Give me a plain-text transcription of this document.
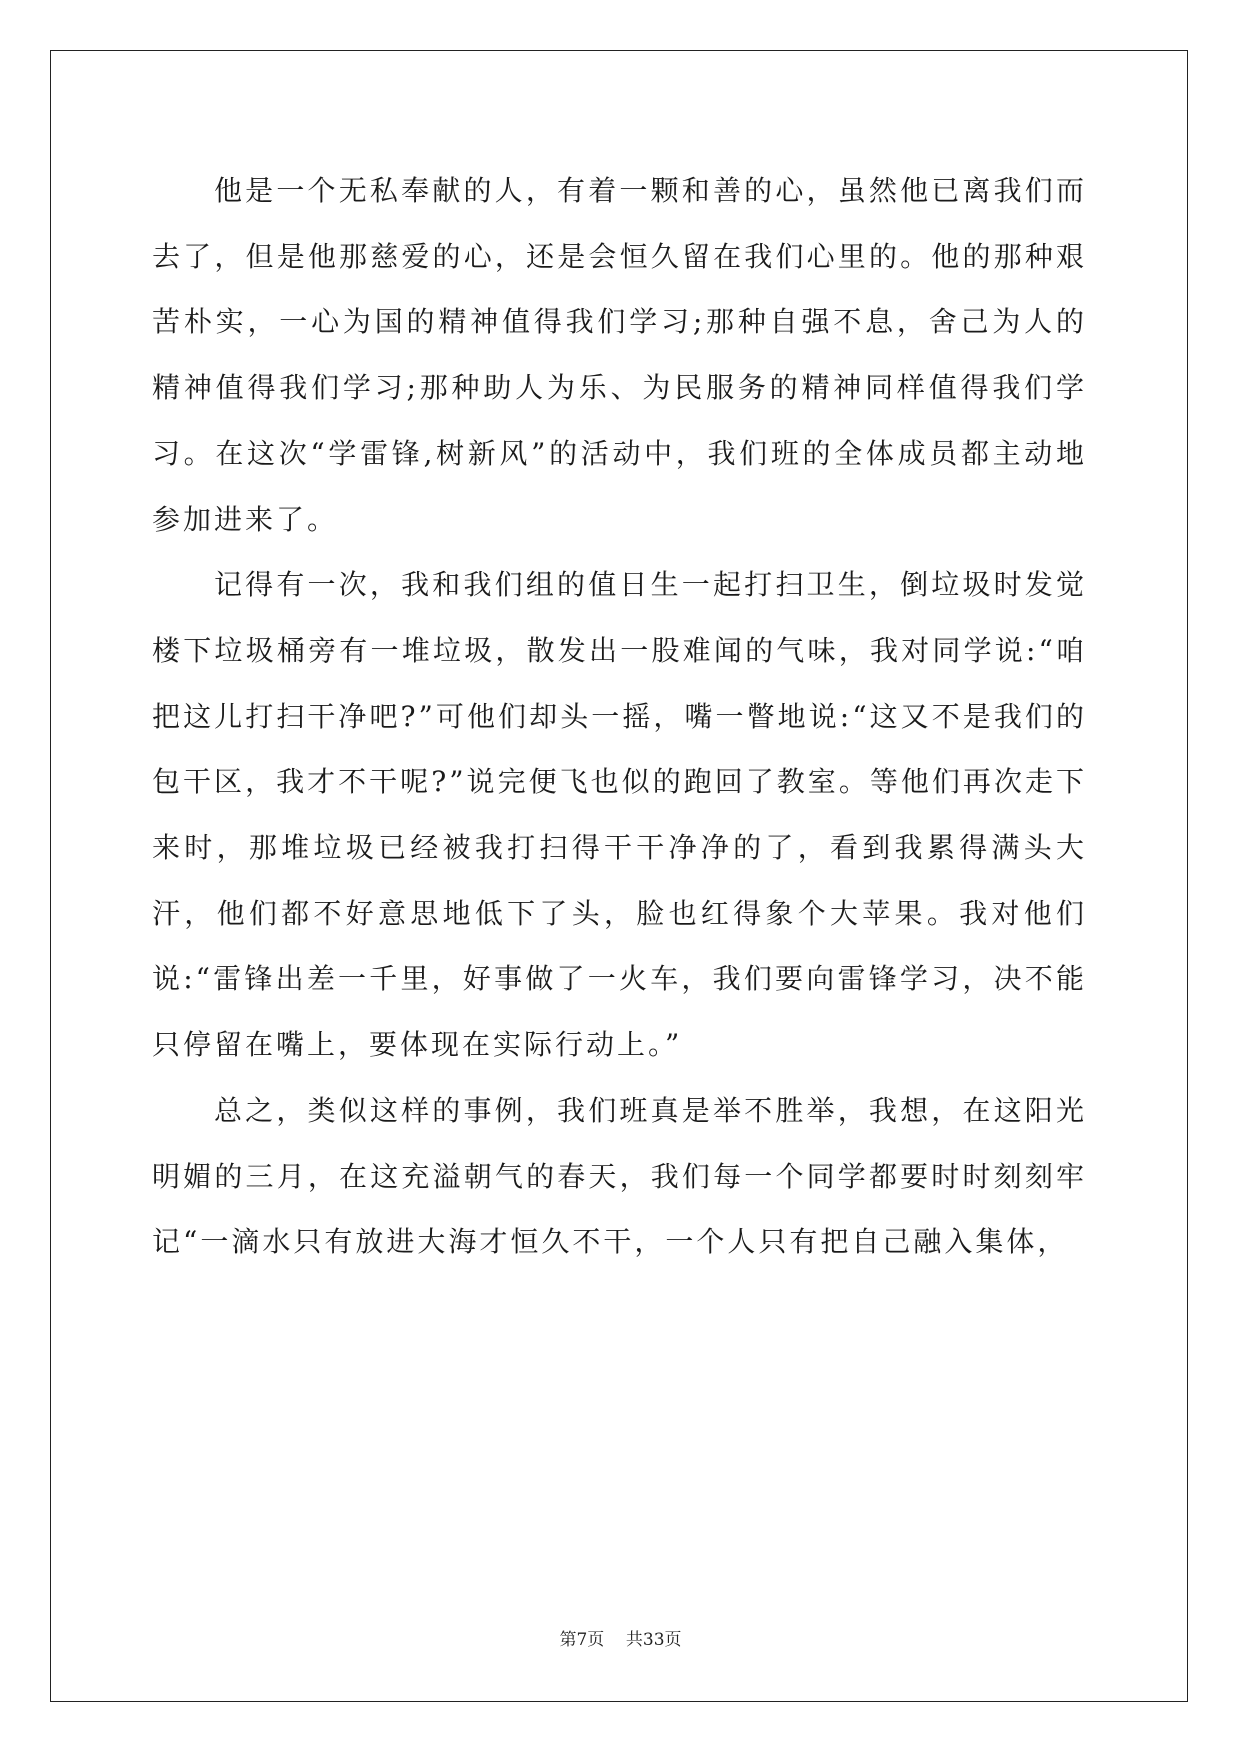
他是一个无私奉献的人，有着一颗和善的心，虽然他已离我们而去了，但是他那慈爱的心，还是会恒久留在我们心里的。他的那种艰苦朴实，一心为国的精神值得我们学习;那种自强不息，舍己为人的精神值得我们学习;那种助人为乐、为民服务的精神同样值得我们学习。在这次“学雷锋,树新风”的活动中，我们班的全体成员都主动地参加进来了。

记得有一次，我和我们组的值日生一起打扫卫生，倒垃圾时发觉楼下垃圾桶旁有一堆垃圾，散发出一股难闻的气味，我对同学说:“咱把这儿打扫干净吧?”可他们却头一摇，嘴一瞥地说:“这又不是我们的包干区，我才不干呢?”说完便飞也似的跑回了教室。等他们再次走下来时，那堆垃圾已经被我打扫得干干净净的了，看到我累得满头大汗，他们都不好意思地低下了头，脸也红得象个大苹果。我对他们说:“雷锋出差一千里，好事做了一火车，我们要向雷锋学习，决不能只停留在嘴上，要体现在实际行动上。”

总之，类似这样的事例，我们班真是举不胜举，我想，在这阳光明媚的三月，在这充溢朝气的春天，我们每一个同学都要时时刻刻牢记“一滴水只有放进大海才恒久不干，一个人只有把自己融入集体，

第7页 共33页
